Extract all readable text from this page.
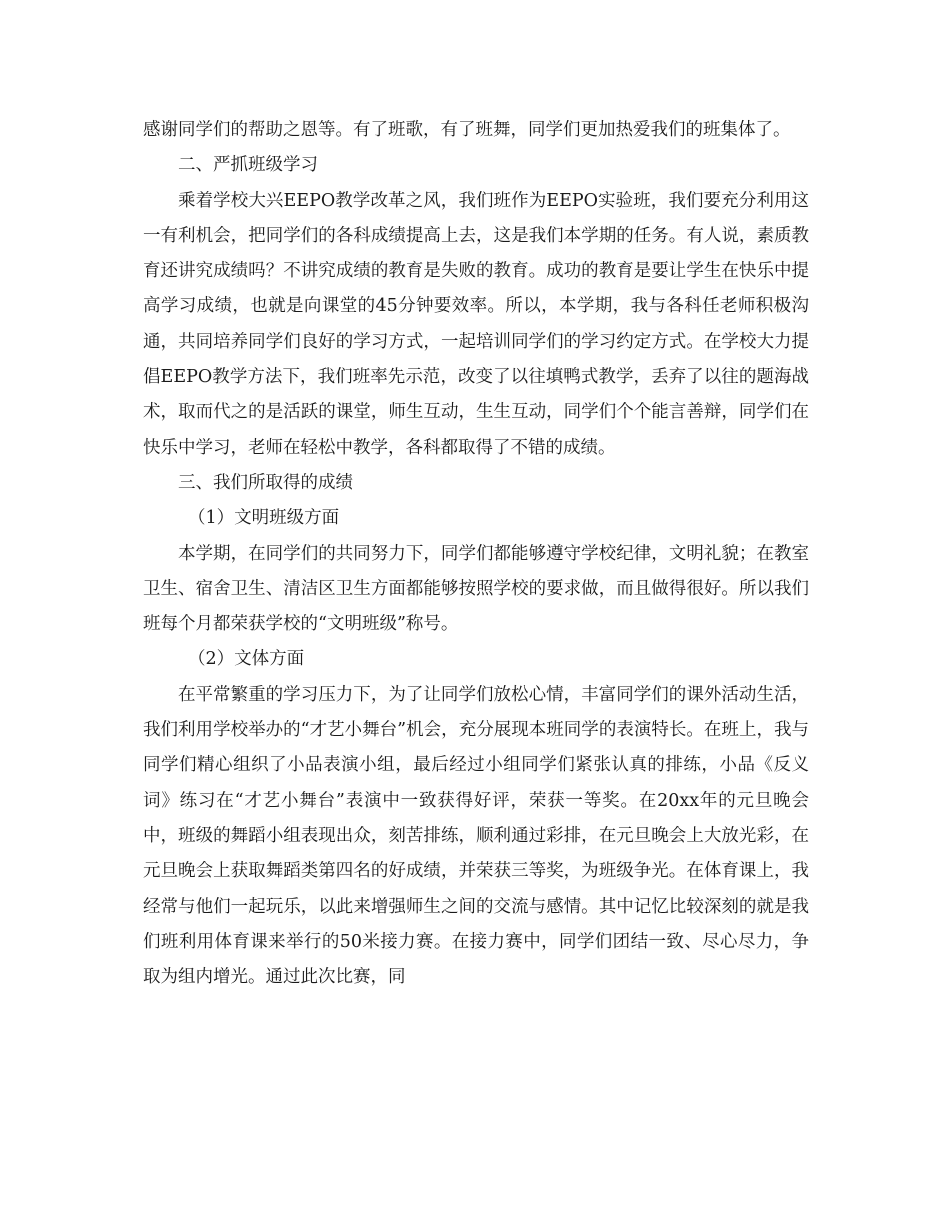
感谢同学们的帮助之恩等。有了班歌，有了班舞，同学们更加热爱我们的班集体了。

二、严抓班级学习

乘着学校大兴EEPO教学改革之风，我们班作为EEPO实验班，我们要充分利用这一有利机会，把同学们的各科成绩提高上去，这是我们本学期的任务。有人说，素质教育还讲究成绩吗？不讲究成绩的教育是失败的教育。成功的教育是要让学生在快乐中提高学习成绩，也就是向课堂的45分钟要效率。所以，本学期，我与各科任老师积极沟通，共同培养同学们良好的学习方式，一起培训同学们的学习约定方式。在学校大力提倡EEPO教学方法下，我们班率先示范，改变了以往填鸭式教学，丢弃了以往的题海战术，取而代之的是活跃的课堂，师生互动，生生互动，同学们个个能言善辩，同学们在快乐中学习，老师在轻松中教学，各科都取得了不错的成绩。

三、我们所取得的成绩

（1）文明班级方面

本学期，在同学们的共同努力下，同学们都能够遵守学校纪律，文明礼貌；在教室卫生、宿舍卫生、清洁区卫生方面都能够按照学校的要求做，而且做得很好。所以我们班每个月都荣获学校的“文明班级”称号。

（2）文体方面

在平常繁重的学习压力下，为了让同学们放松心情，丰富同学们的课外活动生活，我们利用学校举办的“才艺小舞台”机会，充分展现本班同学的表演特长。在班上，我与同学们精心组织了小品表演小组，最后经过小组同学们紧张认真的排练，小品《反义词》练习在“才艺小舞台”表演中一致获得好评，荣获一等奖。在20xx年的元旦晚会中，班级的舞蹈小组表现出众，刻苦排练，顺利通过彩排，在元旦晚会上大放光彩，在元旦晚会上获取舞蹈类第四名的好成绩，并荣获三等奖，为班级争光。在体育课上，我经常与他们一起玩乐，以此来增强师生之间的交流与感情。其中记忆比较深刻的就是我们班利用体育课来举行的50米接力赛。在接力赛中，同学们团结一致、尽心尽力，争取为组内增光。通过此次比赛，同
